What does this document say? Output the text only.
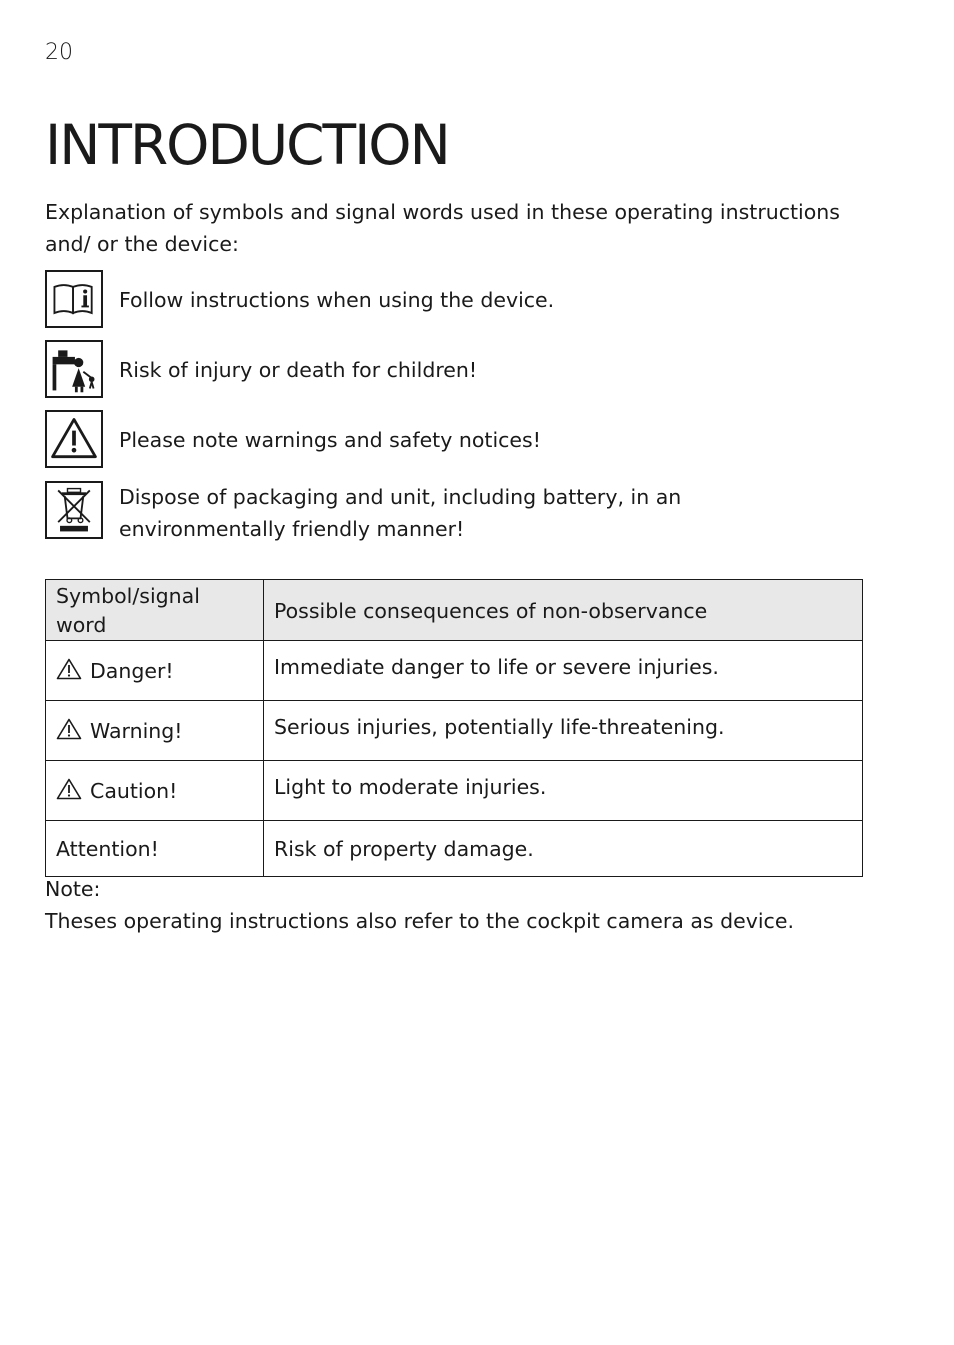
20
INTRODUCTION

Explanation of symbols and signal words used in these operating instructions and/ or the device:

Follow instructions when using the device.
Risk of injury or death for children!
Please note warnings and safety notices!
Dispose of packaging and unit, including battery, in an environmentally friendly manner!
Symbol/signal word	Possible consequences of non-observance
Danger!	Immediate danger to life or severe injuries.
Warning!	Serious injuries, potentially life-threatening.
Caution!	Light to moderate injuries.
Attention!	Risk of property damage.
Note:
Theses operating instructions also refer to the cockpit camera as device.
